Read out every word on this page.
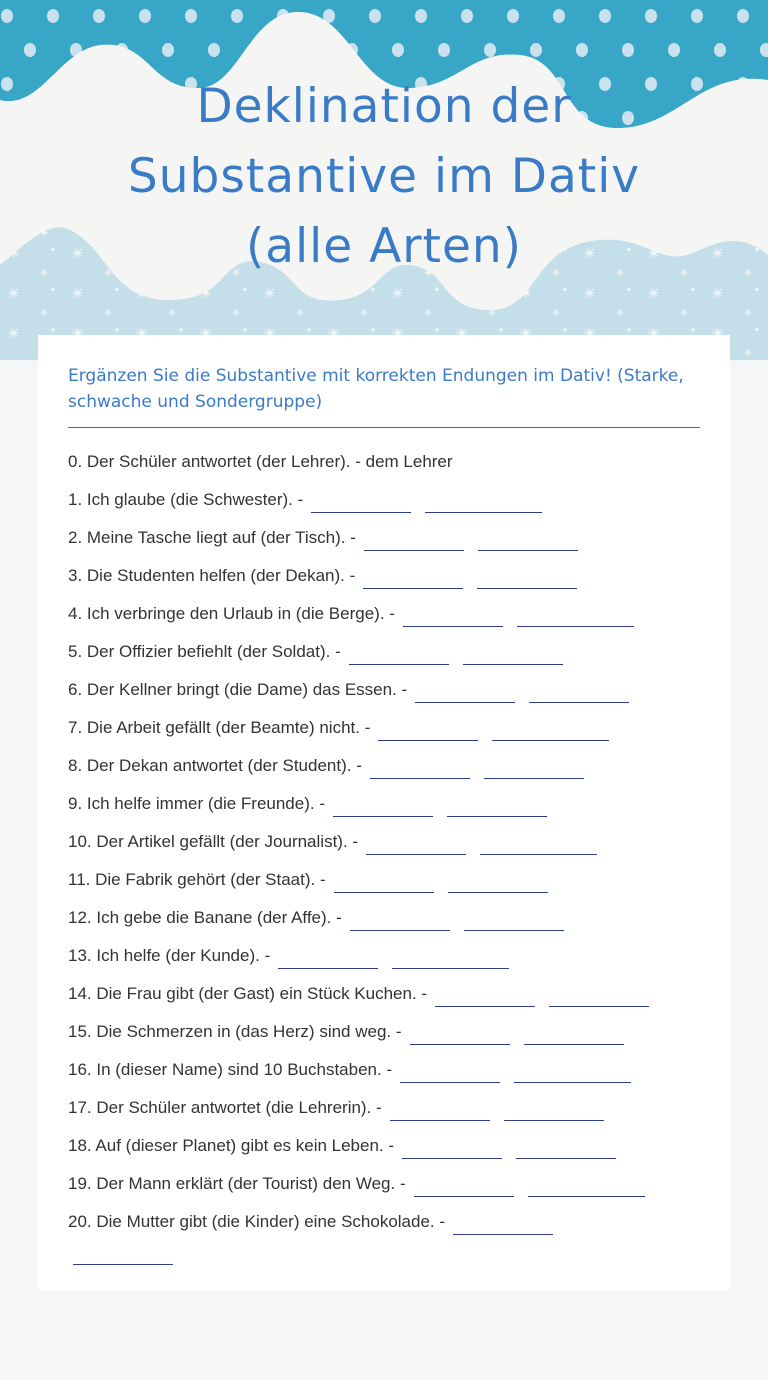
Deklination der
Substantive im Dativ
(alle Arten)
Ergänzen Sie die Substantive mit korrekten Endungen im Dativ! (Starke, schwache und Sondergruppe)
0. Der Schüler antwortet (der Lehrer). - dem Lehrer
1. Ich glaube (die Schwester). -
2. Meine Tasche liegt auf (der Tisch). -
3. Die Studenten helfen (der Dekan). -
4. Ich verbringe den Urlaub in (die Berge). -
5. Der Offizier befiehlt (der Soldat). -
6. Der Kellner bringt (die Dame) das Essen. -
7. Die Arbeit gefällt (der Beamte) nicht. -
8. Der Dekan antwortet (der Student). -
9. Ich helfe immer (die Freunde). -
10. Der Artikel gefällt (der Journalist). -
11. Die Fabrik gehört (der Staat). -
12. Ich gebe die Banane (der Affe). -
13. Ich helfe (der Kunde). -
14. Die Frau gibt (der Gast) ein Stück Kuchen. -
15. Die Schmerzen in (das Herz) sind weg. -
16. In (dieser Name) sind 10 Buchstaben. -
17. Der Schüler antwortet (die Lehrerin). -
18. Auf (dieser Planet) gibt es kein Leben. -
19. Der Mann erklärt (der Tourist) den Weg. -
20. Die Mutter gibt (die Kinder) eine Schokolade. -
